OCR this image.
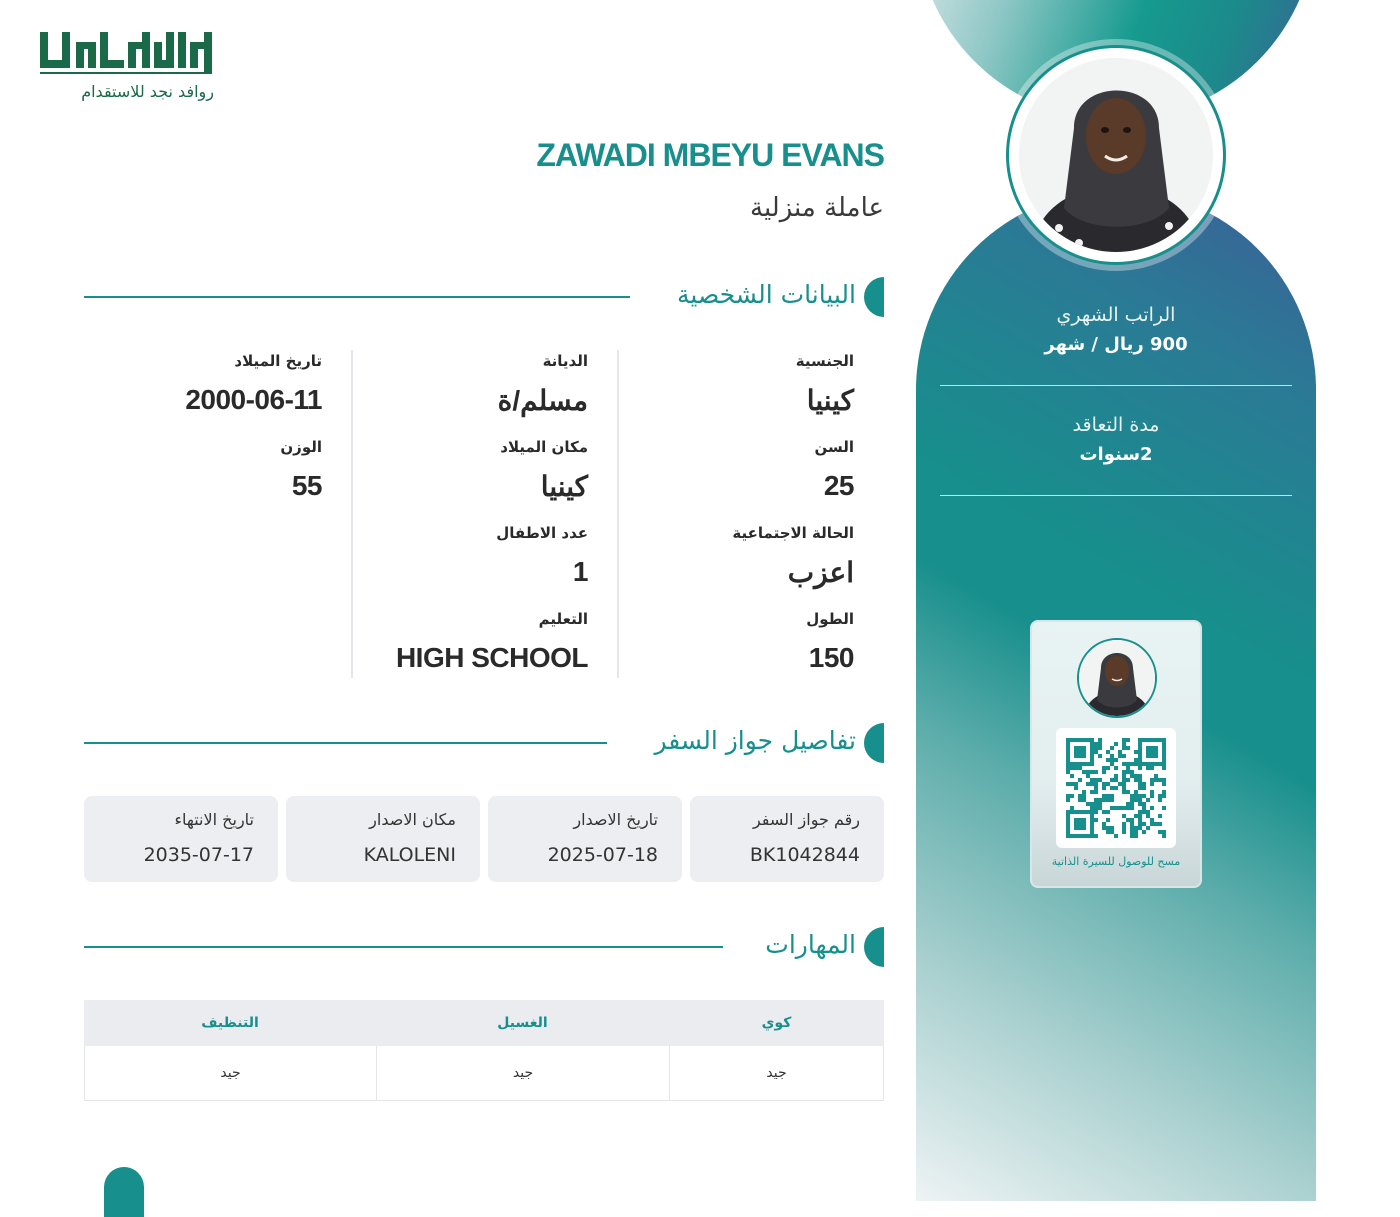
الراتب الشهري
900 ريال / شهر
مدة التعاقد
2سنوات
مسح للوصول للسيرة الذاتية
روافد نجد للاستقدام
ZAWADI MBEYU EVANS
عاملة منزلية
البيانات الشخصية
الجنسية
كينيا
السن
25
الحالة الاجتماعية
اعزب
الطول
150
الديانة
مسلم/ة
مكان الميلاد
كينيا
عدد الاطفال
1
التعليم
HIGH SCHOOL
تاريخ الميلاد
2000-06-11
الوزن
55
تفاصيل جواز السفر
رقم جواز السفر
BK1042844
تاريخ الاصدار
2025-07-18
مكان الاصدار
KALOLENI
تاريخ الانتهاء
2035-07-17
المهارات
كوي
الغسيل
التنظيف
جيد
جيد
جيد
